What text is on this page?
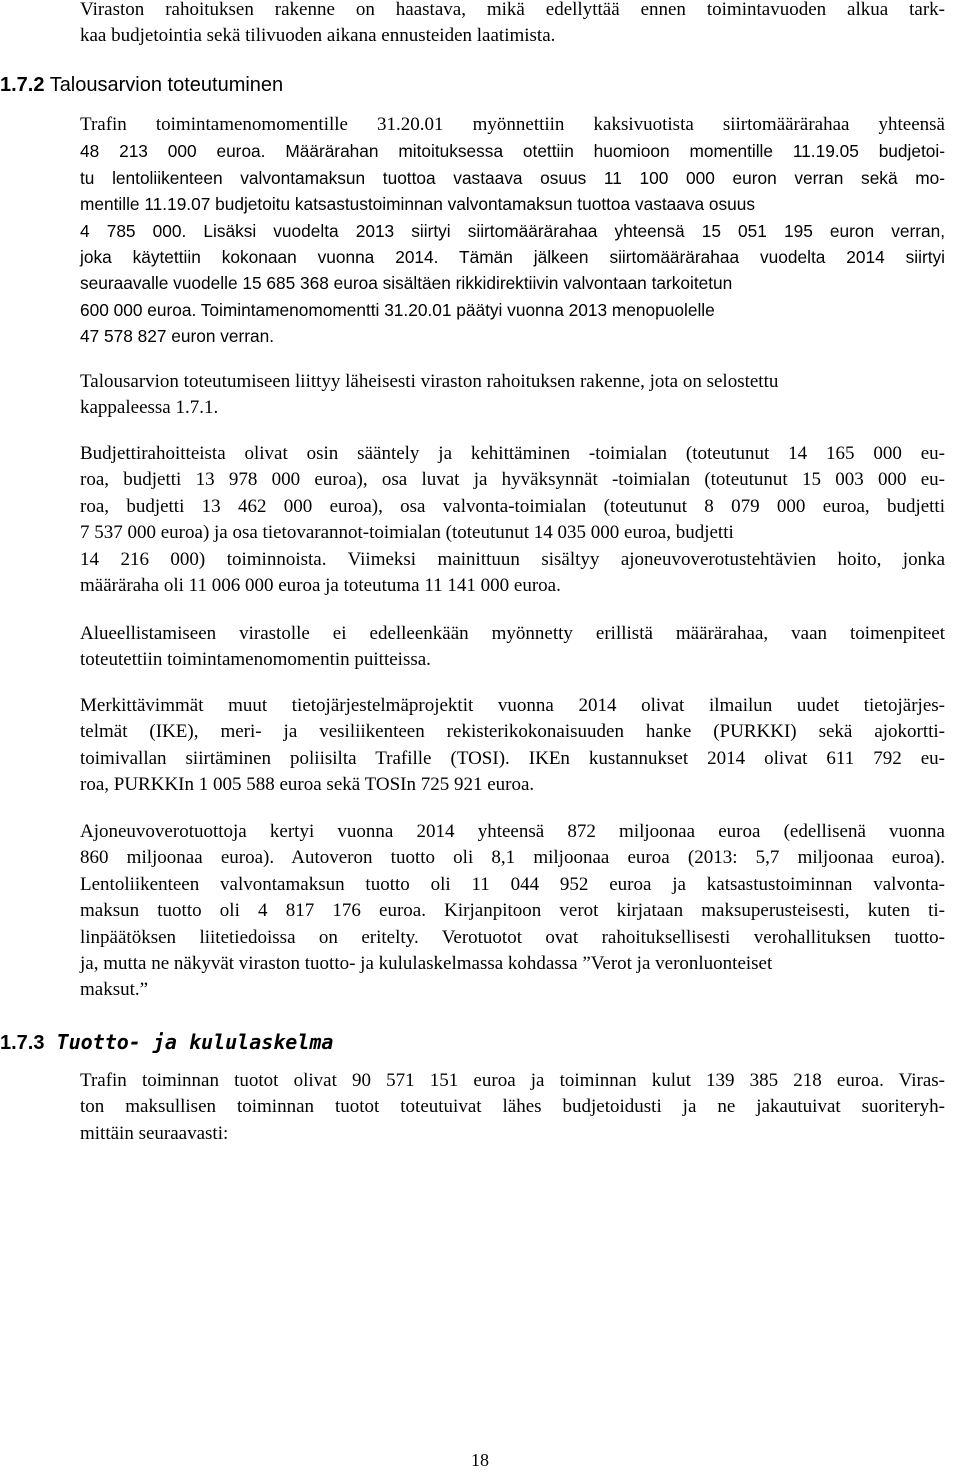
Viraston rahoituksen rakenne on haastava, mikä edellyttää ennen toimintavuoden alkua tark-
kaa budjetointia sekä tilivuoden aikana ennusteiden laatimista.
1.7.2 Talousarvion toteutuminen
Trafin toimintamenomomentille 31.20.01 myönnettiin kaksivuotista siirtomäärärahaa yhteensä
48 213 000 euroa. Määrärahan mitoituksessa otettiin huomioon momentille 11.19.05 budjetoi-
tu lentoliikenteen valvontamaksun tuottoa vastaava osuus 11 100 000 euron verran sekä mo-
mentille 11.19.07 budjetoitu katsastustoiminnan valvontamaksun tuottoa vastaava osuus
4 785 000. Lisäksi vuodelta 2013 siirtyi siirtomäärärahaa yhteensä 15 051 195 euron verran,
joka käytettiin kokonaan vuonna 2014. Tämän jälkeen siirtomäärärahaa vuodelta 2014 siirtyi
seuraavalle vuodelle 15 685 368 euroa sisältäen rikkidirektiivin valvontaan tarkoitetun
600 000 euroa. Toimintamenomomentti 31.20.01 päätyi vuonna 2013 menopuolelle
47 578 827 euron verran.
Talousarvion toteutumiseen liittyy läheisesti viraston rahoituksen rakenne, jota on selostettu
kappaleessa 1.7.1.
Budjettirahoitteista olivat osin sääntely ja kehittäminen -toimialan (toteutunut 14 165 000 eu-
roa, budjetti 13 978 000 euroa), osa luvat ja hyväksynnät -toimialan (toteutunut 15 003 000 eu-
roa, budjetti 13 462 000 euroa), osa valvonta-toimialan (toteutunut 8 079 000 euroa, budjetti
7 537 000 euroa) ja osa tietovarannot-toimialan (toteutunut 14 035 000 euroa, budjetti
14 216 000) toiminnoista. Viimeksi mainittuun sisältyy ajoneuvoverotustehtävien hoito, jonka
määräraha oli 11 006 000 euroa ja toteutuma 11 141 000 euroa.
Alueellistamiseen virastolle ei edelleenkään myönnetty erillistä määrärahaa, vaan toimenpiteet
toteutettiin toimintamenomomentin puitteissa.
Merkittävimmät muut tietojärjestelmäprojektit vuonna 2014 olivat ilmailun uudet tietojärjes-
telmät (IKE), meri- ja vesiliikenteen rekisterikokonaisuuden hanke (PURKKI) sekä ajokortti-
toimivallan siirtäminen poliisilta Trafille (TOSI). IKEn kustannukset 2014 olivat 611 792 eu-
roa, PURKKIn 1 005 588 euroa sekä TOSIn 725 921 euroa.
Ajoneuvoverotuottoja kertyi vuonna 2014 yhteensä 872 miljoonaa euroa (edellisenä vuonna
860 miljoonaa euroa). Autoveron tuotto oli 8,1 miljoonaa euroa (2013: 5,7 miljoonaa euroa).
Lentoliikenteen valvontamaksun tuotto oli 11 044 952 euroa ja katsastustoiminnan valvonta-
maksun tuotto oli 4 817 176 euroa. Kirjanpitoon verot kirjataan maksuperusteisesti, kuten ti-
linpäätöksen liitetiedoissa on eritelty. Verotuotot ovat rahoituksellisesti verohallituksen tuotto-
ja, mutta ne näkyvät viraston tuotto- ja kululaskelmassa kohdassa ”Verot ja veronluonteiset
maksut.”
1.7.3 Tuotto- ja kululaskelma
Trafin toiminnan tuotot olivat 90 571 151 euroa ja toiminnan kulut 139 385 218 euroa. Viras-
ton maksullisen toiminnan tuotot toteutuivat lähes budjetoidusti ja ne jakautuivat suoriteryh-
mittäin seuraavasti:
18
